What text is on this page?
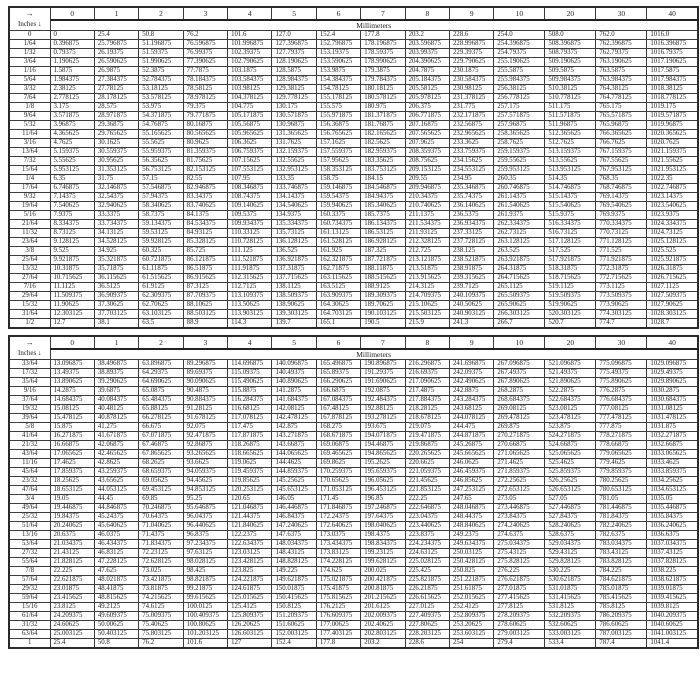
→
Inches ↓	0	1	2	3	4	5	6	7	8	9	10	20	30	40
	Millimeters													
0	0	25.4	50.8	76.2	101.6	127.0	152.4	177.8	203.2	228.6	254.0	508.0	762.0	1016.0
1/64	0.396875	25.796875	51.196875	76.596875	101.996875	127.396875	152.796875	178.196875	203.596875	228.996875	254.396875	508.396875	762.396875	1016.396875
1/32	0.79375	26.19375	51.59375	76.99375	102.39375	127.79375	153.19375	178.59375	203.99375	229.39375	254.79375	508.79375	762.79375	1016.79375
3/64	1.190625	26.590625	51.990625	77.390625	102.790625	128.190625	153.590625	178.990625	204.390625	229.790625	255.190625	509.190625	763.190625	1017.190625
1/16	1.5875	26.9875	52.3875	77.7875	103.1875	128.5875	153.9875	179.3875	204.7875	230.1875	255.5875	509.5875	763.5875	1017.5875
5/64	1.984375	27.384375	52.784375	78.184375	103.584375	128.984375	154.384375	179.784375	205.184375	230.584375	255.984375	509.984375	763.984375	1017.984375
3/32	2.38125	27.78125	53.18125	78.58125	103.98125	129.38125	154.78125	180.18125	205.58125	230.98125	256.38125	510.38125	764.38125	1018.38125
7/64	2.778125	28.178125	53.578125	78.978125	104.378125	129.778125	155.178125	180.578125	205.978125	231.378125	256.778125	510.778125	764.778125	1018.778125
1/8	3.175	28.575	53.975	79.375	104.775	130.175	155.575	180.975	206.375	231.775	257.175	511.175	765.175	1019.175
9/64	3.571875	28.971875	54.371875	79.771875	105.171875	130.571875	155.971875	181.371875	206.771875	232.171875	257.571875	511.571875	765.571875	1019.571875
5/32	3.96875	29.36875	54.76875	80.16875	105.56875	130.96875	156.36875	181.76875	207.16875	232.56875	257.96875	511.96875	765.96875	1019.96875
11/64	4.365625	29.765625	55.165625	80.565625	105.965625	131.365625	156.765625	182.165625	207.565625	232.965625	258.365625	512.365625	766.365625	1020.365625
3/16	4.7625	30.1625	55.5625	80.9625	106.3625	131.7625	157.1625	182.5625	207.9625	233.3625	258.7625	512.7625	766.7625	1020.7625
13/64	5.159375	30.559375	55.959375	81.359375	106.759375	132.159375	157.559375	182.959375	208.359375	233.759375	259.159375	513.159375	767.159375	1021.159375
7/32	5.55625	30.95625	56.35625	81.75625	107.15625	132.55625	157.95625	183.35625	208.75625	234.15625	259.55625	513.55625	767.55625	1021.55625
15/64	5.953125	31.353125	56.753125	82.153125	107.553125	132.953125	158.353125	183.753125	209.153125	234.553125	259.953125	513.953125	767.953125	1021.953125
1/4	6.35	31.75	57.15	82.55	107.95	133.35	158.75	184.15	209.55	234.95	260.35	514.35	768.35	1022.35
17/64	6.746875	32.146875	57.546875	82.946875	108.346875	133.746875	159.146875	184.546875	209.946875	235.346875	260.746875	514.746875	768.746875	1022.746875
9/32	7.14375	32.54375	57.94375	83.34375	108.74375	134.14375	159.54375	184.94375	210.34375	235.74375	261.14375	515.14375	769.14375	1023.14375
19/64	7.540625	32.940625	58.340625	83.740625	109.140625	134.540625	159.940625	185.340625	210.740625	236.140625	261.540625	515.540625	769.540625	1023.540625
5/16	7.9375	33.3375	58.7375	84.1375	109.5375	134.9375	160.3375	185.7375	211.1375	236.5375	261.9375	515.9375	769.9375	1023.9375
21/64	8.334375	33.734375	59.134375	84.534375	109.934375	135.334375	160.734375	186.134375	211.534375	236.934375	262.334375	516.334375	770.334375	1024.334375
11/32	8.73125	34.13125	59.53125	84.93125	110.33125	135.73125	161.13125	186.53125	211.93125	237.33125	262.73125	516.73125	770.73125	1024.73125
23/64	9.128125	34.528125	59.928125	85.328125	110.728125	136.128125	161.528125	186.928125	212.328125	237.728125	263.128125	517.128125	771.128125	1025.128125
3/8	9.525	34.925	60.325	85.725	111.125	136.525	161.925	187.325	212.725	238.125	263.525	517.525	771.525	1025.525
25/64	9.921875	35.321875	60.721875	86.121875	111.521875	136.921875	162.321875	187.721875	213.121875	238.521875	263.921875	517.921875	771.921875	1025.921875
13/32	10.31875	35.71875	61.11875	86.51875	111.91875	137.31875	162.71875	188.11875	213.51875	238.91875	264.31875	518.31875	772.31875	1026.31875
27/64	10.715625	36.115625	61.515625	86.915625	112.315625	137.715625	163.115625	188.515625	213.915625	239.315625	264.715625	518.715625	772.715625	1026.715625
7/16	11.1125	36.5125	61.9125	87.3125	112.7125	138.1125	163.5125	188.9125	214.3125	239.7125	265.1125	519.1125	773.1125	1027.1125
29/64	11.509375	36.909375	62.309375	87.709375	113.109375	138.509375	163.909375	189.309375	214.709375	240.109375	265.509375	519.509375	773.509375	1027.509375
15/32	11.90625	37.30625	62.70625	88.10625	113.50625	138.90625	164.30625	189.70625	215.10625	240.50625	265.90625	519.90625	773.90625	1027.90625
31/64	12.303125	37.703125	63.103125	88.503125	113.903125	139.303125	164.703125	190.103125	215.503125	240.903125	266.303125	520.303125	774.303125	1028.303125
1/2	12.7	38.1	63.5	88.9	114.3	139.7	165.1	190.5	215.9	241.3	266.7	520.7	774.7	1028.7
→
Inches ↓	0	1	2	3	4	5	6	7	8	9	10	20	30	40
	Millimeters													
33/64	13.096875	38.496875	63.896875	89.296875	114.696875	140.096875	165.496875	190.896875	216.296875	241.696875	267.096875	521.096875	775.096875	1029.096875
17/32	13.49375	38.89375	64.29375	89.69375	115.09375	140.49375	165.89375	191.29375	216.69375	242.09375	267.49375	521.49375	775.49375	1029.49375
35/64	13.890625	39.290625	64.690625	90.090625	115.490625	140.890625	166.290625	191.690625	217.090625	242.490625	267.890625	521.890625	775.890625	1029.890625
9/16	14.2875	39.6875	65.0875	90.4875	115.8875	141.2875	166.6875	192.0875	217.4875	242.8875	268.2875	522.2875	776.2875	1030.2875
37/64	14.684375	40.084375	65.484375	90.884375	116.284375	141.684375	167.084375	192.484375	217.884375	243.284375	268.684375	522.684375	776.684375	1030.684375
19/32	15.08125	40.48125	65.88125	91.28125	116.68125	142.08125	167.48125	192.88125	218.28125	243.68125	269.08125	523.08125	777.08125	1031.08125
39/64	15.478125	40.878125	66.278125	91.678125	117.078125	142.478125	167.878125	193.278125	218.678125	244.078125	269.478125	523.478125	777.478125	1031.478125
5/8	15.875	41.275	66.675	92.075	117.475	142.875	168.275	193.675	219.075	244.475	269.875	523.875	777.875	1031.875
41/64	16.271875	41.671875	67.071875	92.471875	117.871875	143.271875	168.671875	194.071875	219.471875	244.871875	270.271875	524.271875	778.271875	1032.271875
21/32	16.66875	42.06875	67.46875	92.86875	118.26875	143.66875	169.06875	194.46875	219.86875	245.26875	270.66875	524.66875	778.66875	1032.66875
43/64	17.065625	42.465625	67.865625	93.265625	118.665625	144.065625	169.465625	194.865625	220.265625	245.665625	271.065625	525.065625	779.065625	1033.065625
11/16	17.4625	42.8625	68.2625	93.6625	119.0625	144.4625	169.8625	195.2625	220.6625	246.0625	271.4625	525.4625	779.4625	1033.4625
45/64	17.859375	43.259375	68.659375	94.059375	119.459375	144.859375	170.259375	195.659375	221.059375	246.459375	271.859375	525.859375	779.859375	1033.859375
23/32	18.25625	43.65625	69.05625	94.45625	119.85625	145.25625	170.65625	196.05625	221.45625	246.85625	272.25625	526.25625	780.25625	1034.25625
47/64	18.653125	44.053125	69.453125	94.853125	120.253125	145.653125	171.053125	196.453125	221.853125	247.253125	272.653125	526.653125	780.653125	1034.653125
3/4	19.05	44.45	69.85	95.25	120.65	146.05	171.45	196.85	222.25	247.65	273.05	527.05	781.05	1035.05
49/64	19.446875	44.846875	70.246875	95.646875	121.046875	146.446875	171.846875	197.246875	222.646875	248.046875	273.446875	527.446875	781.446875	1035.446875
25/32	19.84375	45.24375	70.64375	96.04375	121.44375	146.84375	172.24375	197.64375	223.04375	248.44375	273.84375	527.84375	781.84375	1035.84375
51/64	20.240625	45.640625	71.040625	96.440625	121.840625	147.240625	172.640625	198.040625	223.440625	248.840625	274.240625	528.240625	782.240625	1036.240625
13/16	20.6375	46.0375	71.4375	96.8375	122.2375	147.6375	173.0375	198.4375	223.8375	249.2375	274.6375	528.6375	782.6375	1036.6375
53/64	21.034375	46.434375	71.834375	97.234375	122.634375	148.034375	173.434375	198.834375	224.234375	249.634375	275.034375	529.034375	783.034375	1037.034375
27/32	21.43125	46.83125	72.23125	97.63125	123.03125	148.43125	173.83125	199.23125	224.63125	250.03125	275.43125	529.43125	783.43125	1037.43125
55/64	21.828125	47.228125	72.628125	98.028125	123.428125	148.828125	174.228125	199.628125	225.028125	250.428125	275.828125	529.828125	783.828125	1037.828125
7/8	22.225	47.625	73.025	98.425	123.825	149.225	174.625	200.025	225.425	250.825	276.225	530.225	784.225	1038.225
57/64	22.621875	48.021875	73.421875	98.821875	124.221875	149.621875	175.021875	200.421875	225.821875	251.221875	276.621875	530.621875	784.621875	1038.621875
29/32	23.01875	48.41875	73.81875	99.21875	124.61875	150.01875	175.41875	200.81875	226.21875	251.61875	277.01875	531.01875	785.01875	1039.01875
59/64	23.415625	48.815625	74.215625	99.615625	125.015625	150.415625	175.815625	201.215625	226.615625	252.015625	277.415625	531.415625	785.415625	1039.415625
15/16	23.8125	49.2125	74.6125	100.0125	125.4125	150.8125	176.2125	201.6125	227.0125	252.4125	277.8125	531.8125	785.8125	1039.8125
61/64	24.209375	49.609375	75.009375	100.409375	125.809375	151.209375	176.609375	202.009375	227.409375	252.809375	278.209375	532.209375	786.209375	1040.209375
31/32	24.60625	50.00625	75.40625	100.80625	126.20625	151.60625	177.00625	202.40625	227.80625	253.20625	278.60625	532.60625	786.60625	1040.60625
63/64	25.003125	50.403125	75.803125	101.203125	126.603125	152.003125	177.403125	202.803125	228.203125	253.603125	279.003125	533.003125	787.003125	1041.003125
1	25.4	50.8	76.2	101.6	127	152.4	177.8	203.2	228.6	254	279.4	533.4	787.4	1041.4
